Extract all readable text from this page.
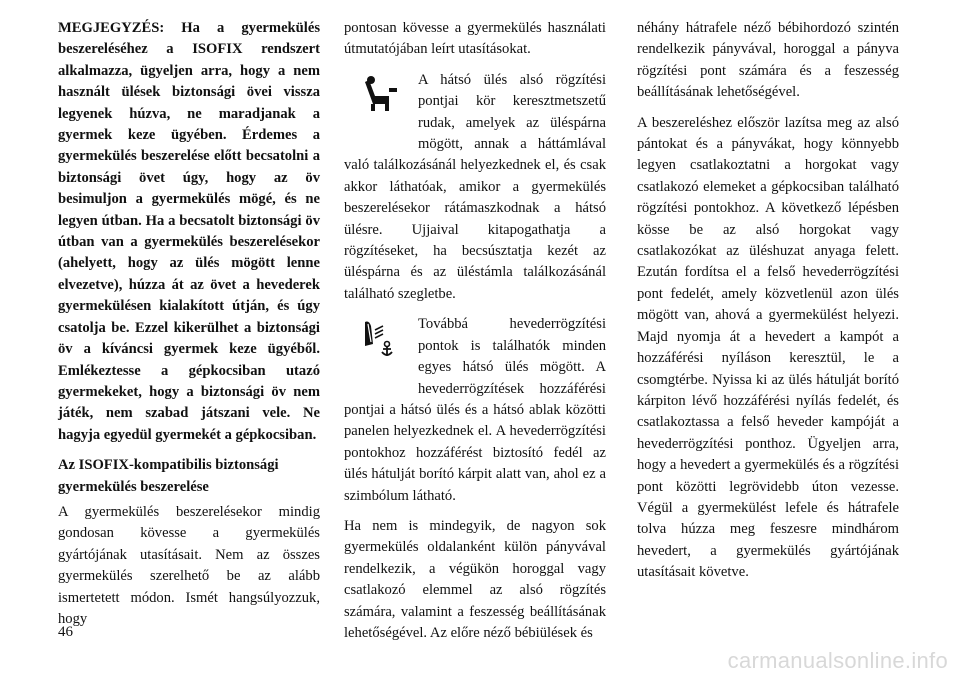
MEGJEGYZÉS: Ha a gyermekülés beszereléséhez a ISOFIX rendszert alkalmazza, ügyeljen arra, hogy a nem használt ülések biztonsági övei vissza legyenek húzva, ne maradjanak a gyermek keze ügyében. Érdemes a gyermekülés beszerelése előtt becsatolni a biztonsági övet úgy, hogy az öv besimuljon a gyermekülés mögé, és ne legyen útban. Ha a becsatolt biztonsági öv útban van a gyermekülés beszerelésekor (ahelyett, hogy az ülés mögött lenne elvezetve), húzza át az övet a hevederek gyermekülésen kialakított útján, és úgy csatolja be. Ezzel kikerülhet a biztonsági öv a kíváncsi gyermek keze ügyéből. Emlékeztesse a gépkocsiban utazó gyermekeket, hogy a biztonsági öv nem játék, nem szabad játszani vele. Ne hagyja egyedül gyermekét a gépkocsiban.

Az ISOFIX-kompatibilis biztonsági gyermekülés beszerelése

A gyermekülés beszerelésekor mindig gondosan kövesse a gyermekülés gyártójának utasításait. Nem az összes gyermekülés szerelhető be az alább ismertetett módon. Ismét hangsúlyozzuk, hogy

pontosan kövesse a gyermekülés használati útmutatójában leírt utasításokat.

A hátsó ülés alsó rögzítési pontjai kör keresztmetszetű rudak, amelyek az üléspárna mögött, annak a háttámlával való találkozásánál helyezkednek el, és csak akkor láthatóak, amikor a gyermekülés beszerelésekor rátámaszkodnak a hátsó ülésre. Ujjaival kitapogathatja a rögzítéseket, ha becsúsztatja kezét az üléspárna és az üléstámla találkozásánál található szegletbe.
Továbbá hevederrögzítési pontok is találhatók minden egyes hátsó ülés mögött. A hevederrögzítések hozzáférési pontjai a hátsó ülés és a hátsó ablak közötti panelen helyezkednek el. A hevederrögzítési pontokhoz hozzáférést biztosító fedél az ülés hátulját borító kárpit alatt van, ahol ez a szimbólum látható.

Ha nem is mindegyik, de nagyon sok gyermekülés oldalanként külön pányvával rendelkezik, a végükön horoggal vagy csatlakozó elemmel az alsó rögzítés számára, valamint a feszesség beállításának lehetőségével. Az előre néző bébiülések és

néhány hátrafele néző bébihordozó szintén rendelkezik pányvával, horoggal a pányva rögzítési pont számára és a feszesség beállításának lehetőségével.

A beszereléshez először lazítsa meg az alsó pántokat és a pányvákat, hogy könnyebb legyen csatlakoztatni a horgokat vagy csatlakozó elemeket a gépkocsiban található rögzítési pontokhoz. A következő lépésben kösse be az alsó horgokat vagy csatlakozókat az üléshuzat anyaga felett. Ezután fordítsa el a felső hevederrögzítési pont fedelét, amely közvetlenül azon ülés mögött van, ahová a gyermekülést helyezi. Majd nyomja át a hevedert a kampót a hozzáférési nyíláson keresztül, le a csomgtérbe. Nyissa ki az ülés hátulját borító kárpiton lévő hozzáférési nyílás fedelét, és csatlakoztassa a felső heveder kampóját a hevederrögzítési ponthoz. Ügyeljen arra, hogy a hevedert a gyermekülés és a rögzítési pont közötti legrövidebb úton vezesse. Végül a gyermekülést lefele és hátrafele tolva húzza meg feszesre mindhárom hevedert, a gyermekülés gyártójának utasításait követve.

46
carmanualsonline.info
